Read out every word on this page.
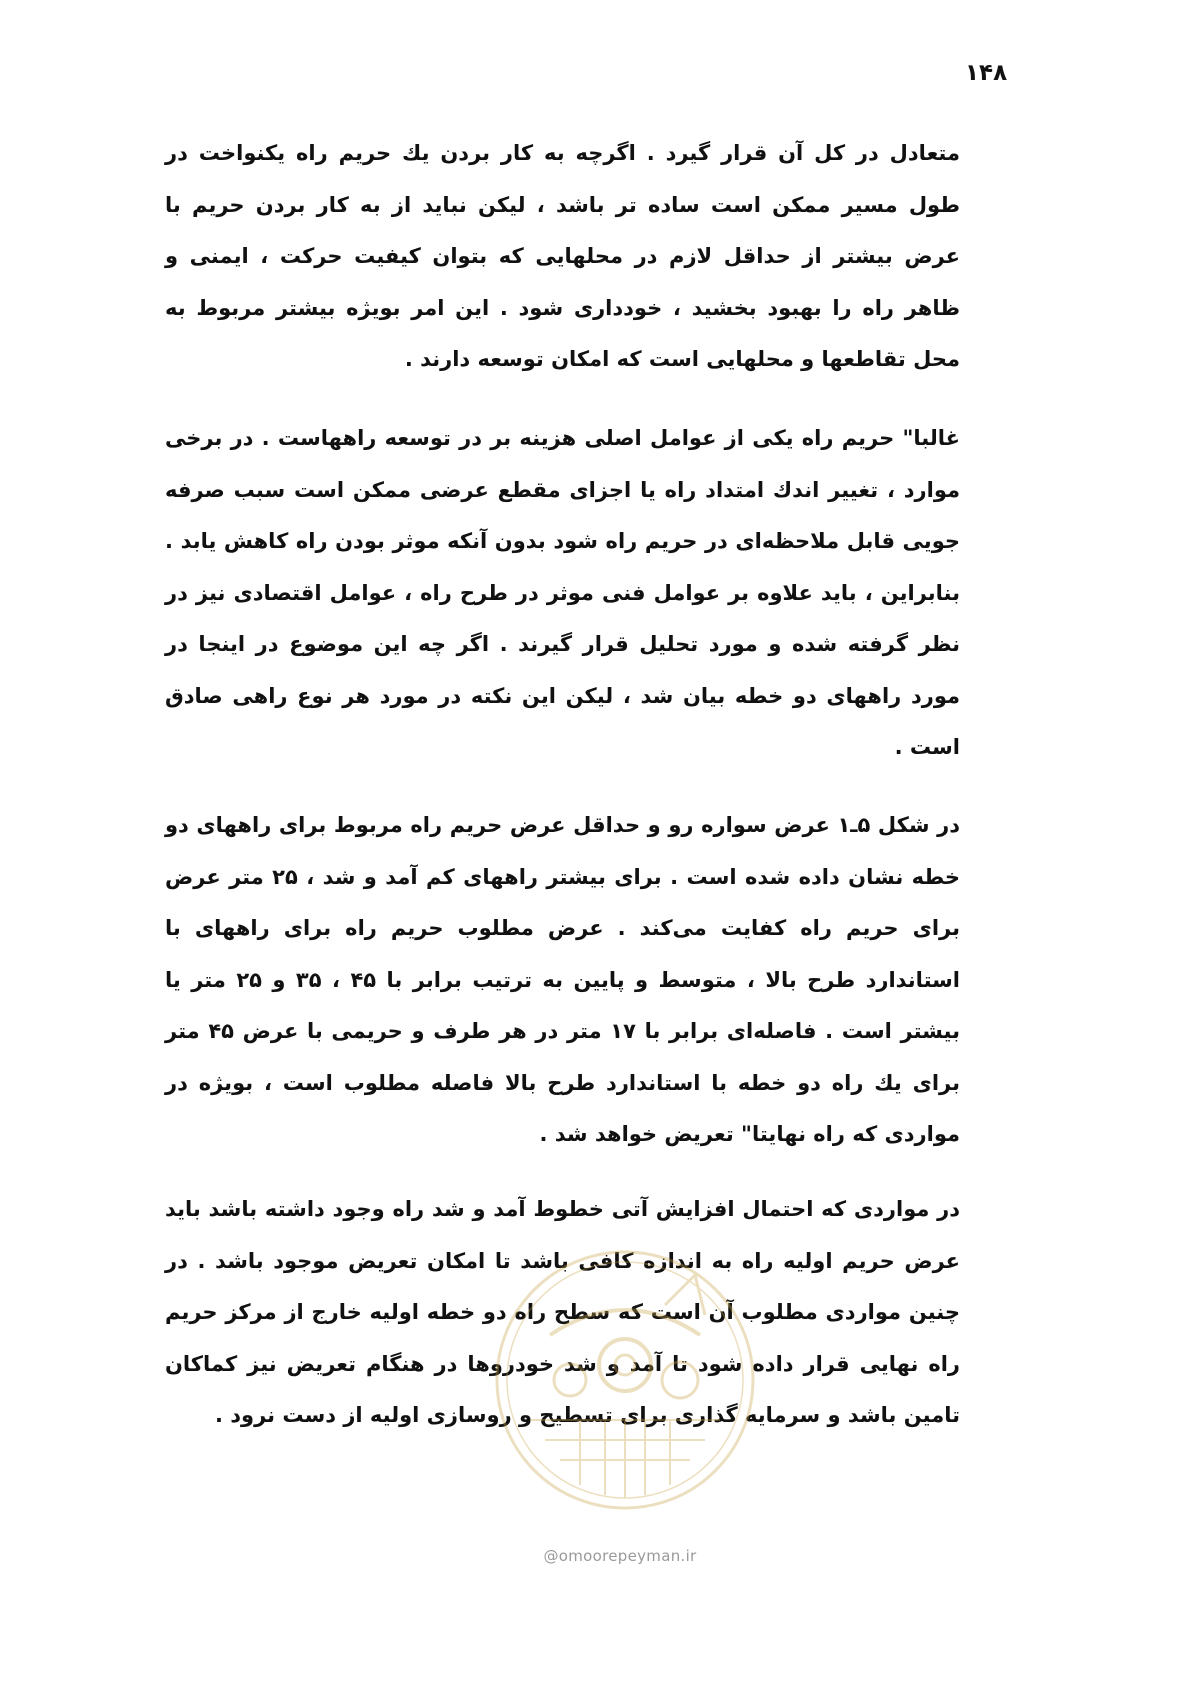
۱۴۸

متعادل در کل آن قرار گیرد . اگرچه به کار بردن یك حریم راه یکنواخت در طول مسیر ممکن است ساده تر باشد ، لیکن نباید از به کار بردن حریم با عرض بیشتر از حداقل لازم در محلهایی که بتوان کیفیت حرکت ، ایمنی و ظاهر راه را بهبود بخشید ، خودداری شود . این امر بویژه بیشتر مربوط به محل تقاطعها و محلهایی است که امکان توسعه دارند .

غالبا" حریم راه یکی از عوامل اصلی هزینه بر در توسعه راههاست . در برخی موارد ، تغییر اندك امتداد راه یا اجزای مقطع عرضی ممکن است سبب صرفه جویی قابل ملاحظه‌ای در حریم راه شود بدون آنکه موثر بودن راه کاهش یابد . بنابراین ، باید علاوه بر عوامل فنی موثر در طرح راه ، عوامل اقتصادی نیز در نظر گرفته شده و مورد تحلیل قرار گیرند . اگر چه این موضوع در اینجا در مورد راههای دو خطه بیان شد ، لیکن این نکته در مورد هر نوع راهی صادق است .

در شکل ۵ـ۱ عرض سواره رو و حداقل عرض حریم راه مربوط برای راههای دو خطه نشان داده شده است . برای بیشتر راههای کم آمد و شد ، ۲۵ متر عرض برای حریم راه کفایت می‌کند . عرض مطلوب حریم راه برای راههای با استاندارد طرح بالا ، متوسط و پایین به ترتیب برابر با ۴۵ ، ۳۵ و ۲۵ متر یا بیشتر است . فاصله‌ای برابر با ۱۷ متر در هر طرف و حریمی با عرض ۴۵ متر برای یك راه دو خطه با استاندارد طرح بالا فاصله مطلوب است ، بویژه در مواردی که راه نهایتا" تعریض خواهد شد .

در مواردی که احتمال افزایش آتی خطوط آمد و شد راه وجود داشته باشد باید عرض حریم اولیه راه به اندازه کافی باشد تا امکان تعریض موجود باشد . در چنین مواردی مطلوب آن است که سطح راه دو خطه اولیه خارج از مرکز حریم راه نهایی قرار داده شود تا آمد و شد خودروها در هنگام تعریض نیز کماکان تامین باشد و سرمایه گذاری برای تسطیح و روسازی اولیه از دست نرود .

@omoorepeyman.ir
